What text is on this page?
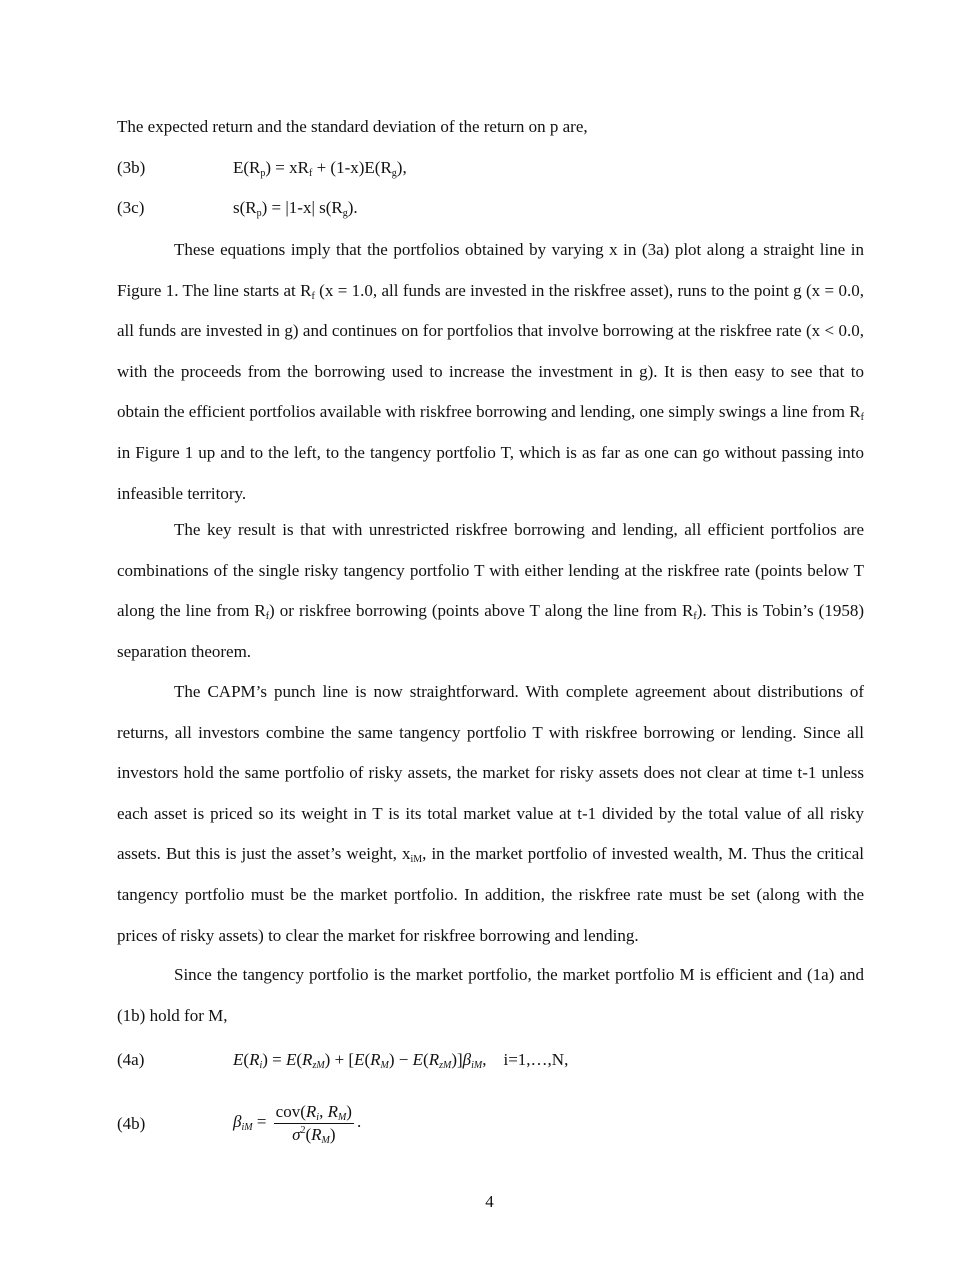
The expected return and the standard deviation of the return on p are,
(3b)	$E(R_p) = xR_f + (1-x)E(R_g)$,
(3c)	$s(R_p) = |1-x|$ $s(R_g)$.
These equations imply that the portfolios obtained by varying x in (3a) plot along a straight line in Figure 1. The line starts at $R_f$ (x = 1.0, all funds are invested in the riskfree asset), runs to the point g (x = 0.0, all funds are invested in g) and continues on for portfolios that involve borrowing at the riskfree rate (x < 0.0, with the proceeds from the borrowing used to increase the investment in g). It is then easy to see that to obtain the efficient portfolios available with riskfree borrowing and lending, one simply swings a line from $R_f$ in Figure 1 up and to the left, to the tangency portfolio T, which is as far as one can go without passing into infeasible territory.
The key result is that with unrestricted riskfree borrowing and lending, all efficient portfolios are combinations of the single risky tangency portfolio T with either lending at the riskfree rate (points below T along the line from $R_f$) or riskfree borrowing (points above T along the line from $R_f$). This is Tobin’s (1958) separation theorem.
The CAPM’s punch line is now straightforward. With complete agreement about distributions of returns, all investors combine the same tangency portfolio T with riskfree borrowing or lending. Since all investors hold the same portfolio of risky assets, the market for risky assets does not clear at time t-1 unless each asset is priced so its weight in T is its total market value at t-1 divided by the total value of all risky assets. But this is just the asset’s weight, $x_{iM}$, in the market portfolio of invested wealth, M. Thus the critical tangency portfolio must be the market portfolio. In addition, the riskfree rate must be set (along with the prices of risky assets) to clear the market for riskfree borrowing and lending.
Since the tangency portfolio is the market portfolio, the market portfolio M is efficient and (1a) and (1b) hold for M,
(4a)	$E(R_i) = E(R_{zM}) + [E(R_M) - E(R_{zM})]\beta_{iM}$,    i=1,…,N,
(4b)	$\beta_{iM} = \frac{cov(R_i, R_M)}{\sigma^2(R_M)}$ .
4
